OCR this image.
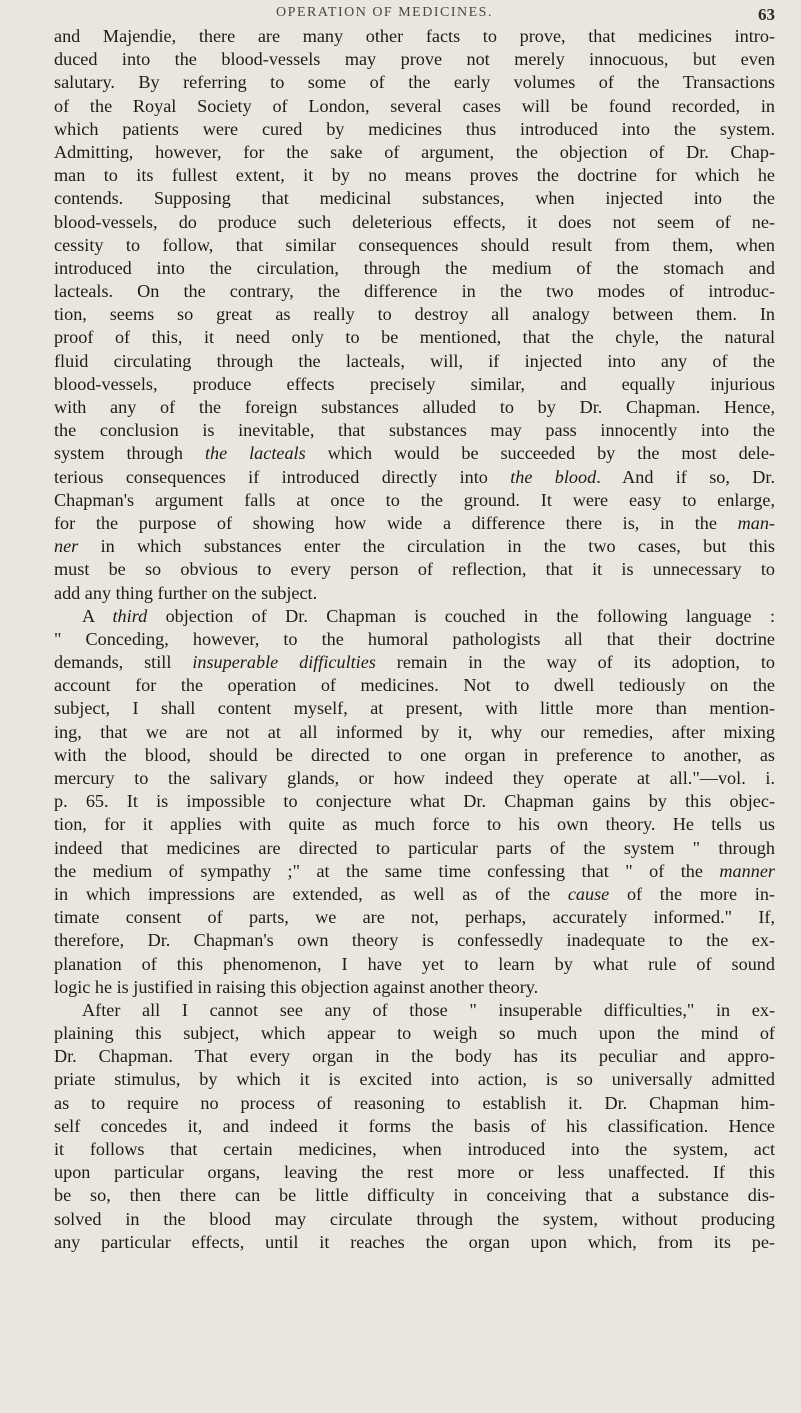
OPERATION OF MEDICINES.	63
and Majendie, there are many other facts to prove, that medicines intro-
duced into the blood-vessels may prove not merely innocuous, but even
salutary. By referring to some of the early volumes of the Transactions
of the Royal Society of London, several cases will be found recorded, in
which patients were cured by medicines thus introduced into the system.
Admitting, however, for the sake of argument, the objection of Dr. Chap-
man to its fullest extent, it by no means proves the doctrine for which he
contends. Supposing that medicinal substances, when injected into the
blood-vessels, do produce such deleterious effects, it does not seem of ne-
cessity to follow, that similar consequences should result from them, when
introduced into the circulation, through the medium of the stomach and
lacteals. On the contrary, the difference in the two modes of introduc-
tion, seems so great as really to destroy all analogy between them. In
proof of this, it need only to be mentioned, that the chyle, the natural
fluid circulating through the lacteals, will, if injected into any of the
blood-vessels, produce effects precisely similar, and equally injurious
with any of the foreign substances alluded to by Dr. Chapman. Hence,
the conclusion is inevitable, that substances may pass innocently into the
system through the lacteals which would be succeeded by the most dele-
terious consequences if introduced directly into the blood. And if so, Dr.
Chapman's argument falls at once to the ground. It were easy to enlarge,
for the purpose of showing how wide a difference there is, in the man-
ner in which substances enter the circulation in the two cases, but this
must be so obvious to every person of reflection, that it is unnecessary to
add any thing further on the subject.
A third objection of Dr. Chapman is couched in the following language :
" Conceding, however, to the humoral pathologists all that their doctrine
demands, still insuperable difficulties remain in the way of its adoption, to
account for the operation of medicines. Not to dwell tediously on the
subject, I shall content myself, at present, with little more than mention-
ing, that we are not at all informed by it, why our remedies, after mixing
with the blood, should be directed to one organ in preference to another, as
mercury to the salivary glands, or how indeed they operate at all."—vol. i.
p. 65. It is impossible to conjecture what Dr. Chapman gains by this objec-
tion, for it applies with quite as much force to his own theory. He tells us
indeed that medicines are directed to particular parts of the system " through
the medium of sympathy ;" at the same time confessing that " of the manner
in which impressions are extended, as well as of the cause of the more in-
timate consent of parts, we are not, perhaps, accurately informed." If,
therefore, Dr. Chapman's own theory is confessedly inadequate to the ex-
planation of this phenomenon, I have yet to learn by what rule of sound
logic he is justified in raising this objection against another theory.
After all I cannot see any of those " insuperable difficulties," in ex-
plaining this subject, which appear to weigh so much upon the mind of
Dr. Chapman. That every organ in the body has its peculiar and appro-
priate stimulus, by which it is excited into action, is so universally admitted
as to require no process of reasoning to establish it. Dr. Chapman him-
self concedes it, and indeed it forms the basis of his classification. Hence
it follows that certain medicines, when introduced into the system, act
upon particular organs, leaving the rest more or less unaffected. If this
be so, then there can be little difficulty in conceiving that a substance dis-
solved in the blood may circulate through the system, without producing
any particular effects, until it reaches the organ upon which, from its pe-
